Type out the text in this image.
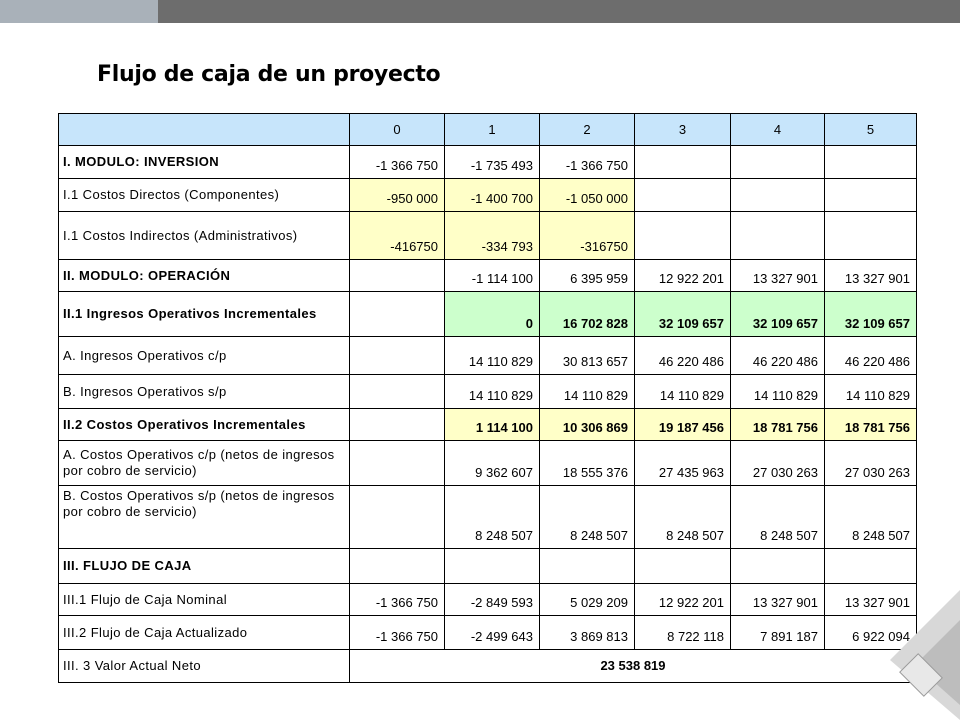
Flujo de caja de un proyecto
	0	1	2	3	4	5
I. MODULO: INVERSION	-1 366 750	-1 735 493	-1 366 750			
I.1 Costos Directos (Componentes)	-950 000	-1 400 700	-1 050 000			
I.1 Costos Indirectos (Administrativos)	-416750	-334 793	-316750			
II. MODULO: OPERACIÓN		-1 114 100	6 395 959	12 922 201	13 327 901	13 327 901
II.1 Ingresos Operativos Incrementales		0	16 702 828	32 109 657	32 109 657	32 109 657
A. Ingresos Operativos c/p		14 110 829	30 813 657	46 220 486	46 220 486	46 220 486
B. Ingresos Operativos s/p		14 110 829	14 110 829	14 110 829	14 110 829	14 110 829
II.2 Costos Operativos Incrementales		1 114 100	10 306 869	19 187 456	18 781 756	18 781 756
A. Costos Operativos c/p (netos de ingresos por cobro de servicio)		9 362 607	18 555 376	27 435 963	27 030 263	27 030 263
B. Costos Operativos s/p (netos de ingresos por cobro de servicio)		8 248 507	8 248 507	8 248 507	8 248 507	8 248 507
III. FLUJO DE CAJA						
III.1 Flujo de Caja Nominal	-1 366 750	-2 849 593	5 029 209	12 922 201	13 327 901	13 327 901
III.2 Flujo de Caja Actualizado	-1 366 750	-2 499 643	3 869 813	8 722 118	7 891 187	6 922 094
III. 3 Valor Actual Neto	23 538 819					
